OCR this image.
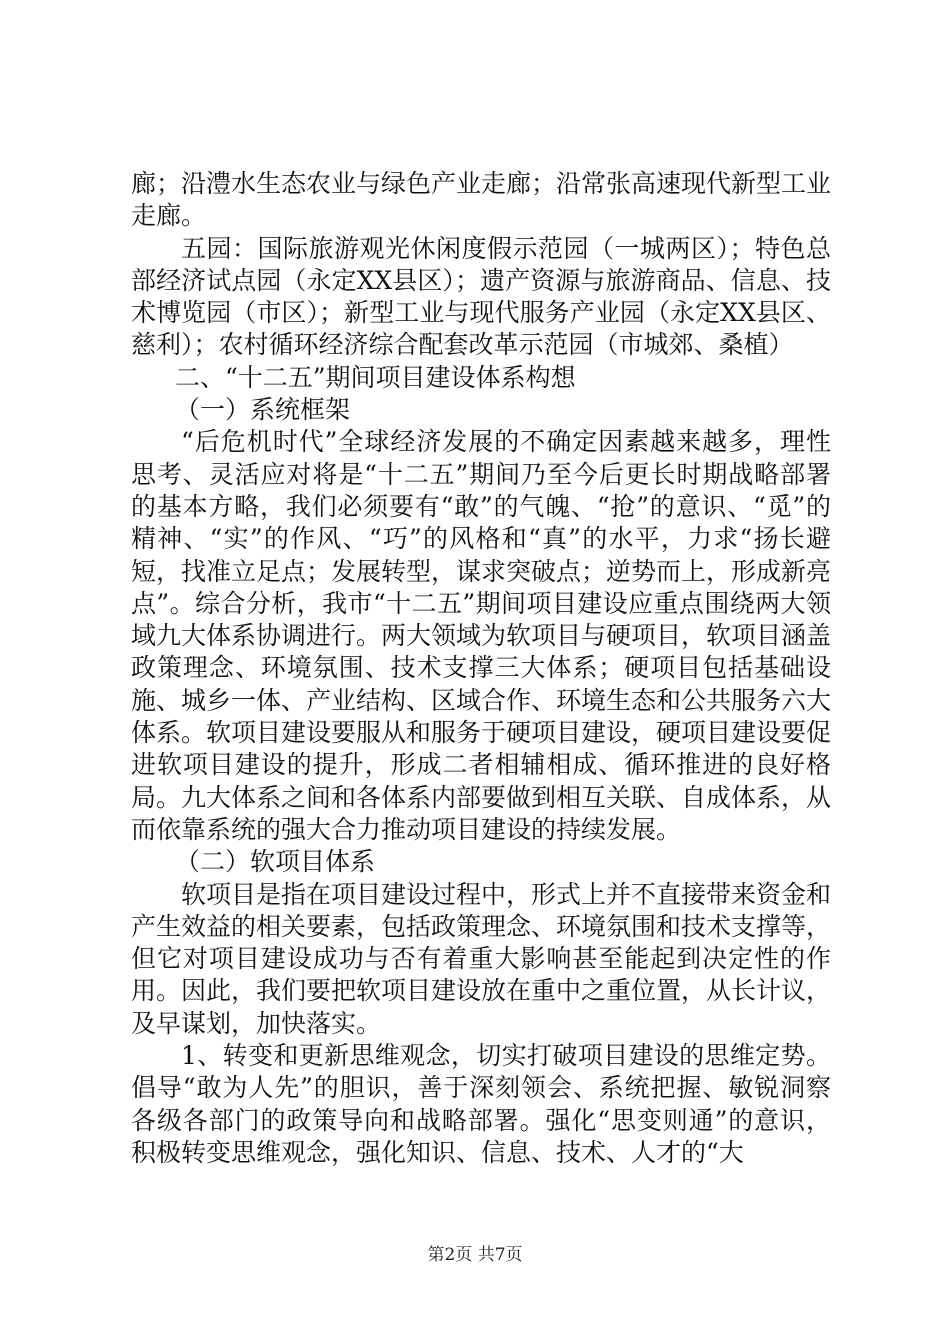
廊；沿澧水生态农业与绿色产业走廊；沿常张高速现代新型工业走廊。

五园：国际旅游观光休闲度假示范园（一城两区）；特色总部经济试点园（永定XX县区）；遗产资源与旅游商品、信息、技术博览园（市区）；新型工业与现代服务产业园（永定XX县区、慈利）；农村循环经济综合配套改革示范园（市城郊、桑植）

二、“十二五”期间项目建设体系构想

（一）系统框架

“后危机时代”全球经济发展的不确定因素越来越多，理性思考、灵活应对将是“十二五”期间乃至今后更长时期战略部署的基本方略，我们必须要有“敢”的气魄、“抢”的意识、“觅”的精神、“实”的作风、“巧”的风格和“真”的水平，力求“扬长避短，找准立足点；发展转型，谋求突破点；逆势而上，形成新亮点”。综合分析，我市“十二五”期间项目建设应重点围绕两大领域九大体系协调进行。两大领域为软项目与硬项目，软项目涵盖政策理念、环境氛围、技术支撑三大体系；硬项目包括基础设施、城乡一体、产业结构、区域合作、环境生态和公共服务六大体系。软项目建设要服从和服务于硬项目建设，硬项目建设要促进软项目建设的提升，形成二者相辅相成、循环推进的良好格局。九大体系之间和各体系内部要做到相互关联、自成体系，从而依靠系统的强大合力推动项目建设的持续发展。

（二）软项目体系

软项目是指在项目建设过程中，形式上并不直接带来资金和产生效益的相关要素，包括政策理念、环境氛围和技术支撑等，但它对项目建设成功与否有着重大影响甚至能起到决定性的作用。因此，我们要把软项目建设放在重中之重位置，从长计议，及早谋划，加快落实。

1、转变和更新思维观念，切实打破项目建设的思维定势。倡导“敢为人先”的胆识，善于深刻领会、系统把握、敏锐洞察各级各部门的政策导向和战略部署。强化“思变则通”的意识，积极转变思维观念，强化知识、信息、技术、人才的“大

第2页 共7页
